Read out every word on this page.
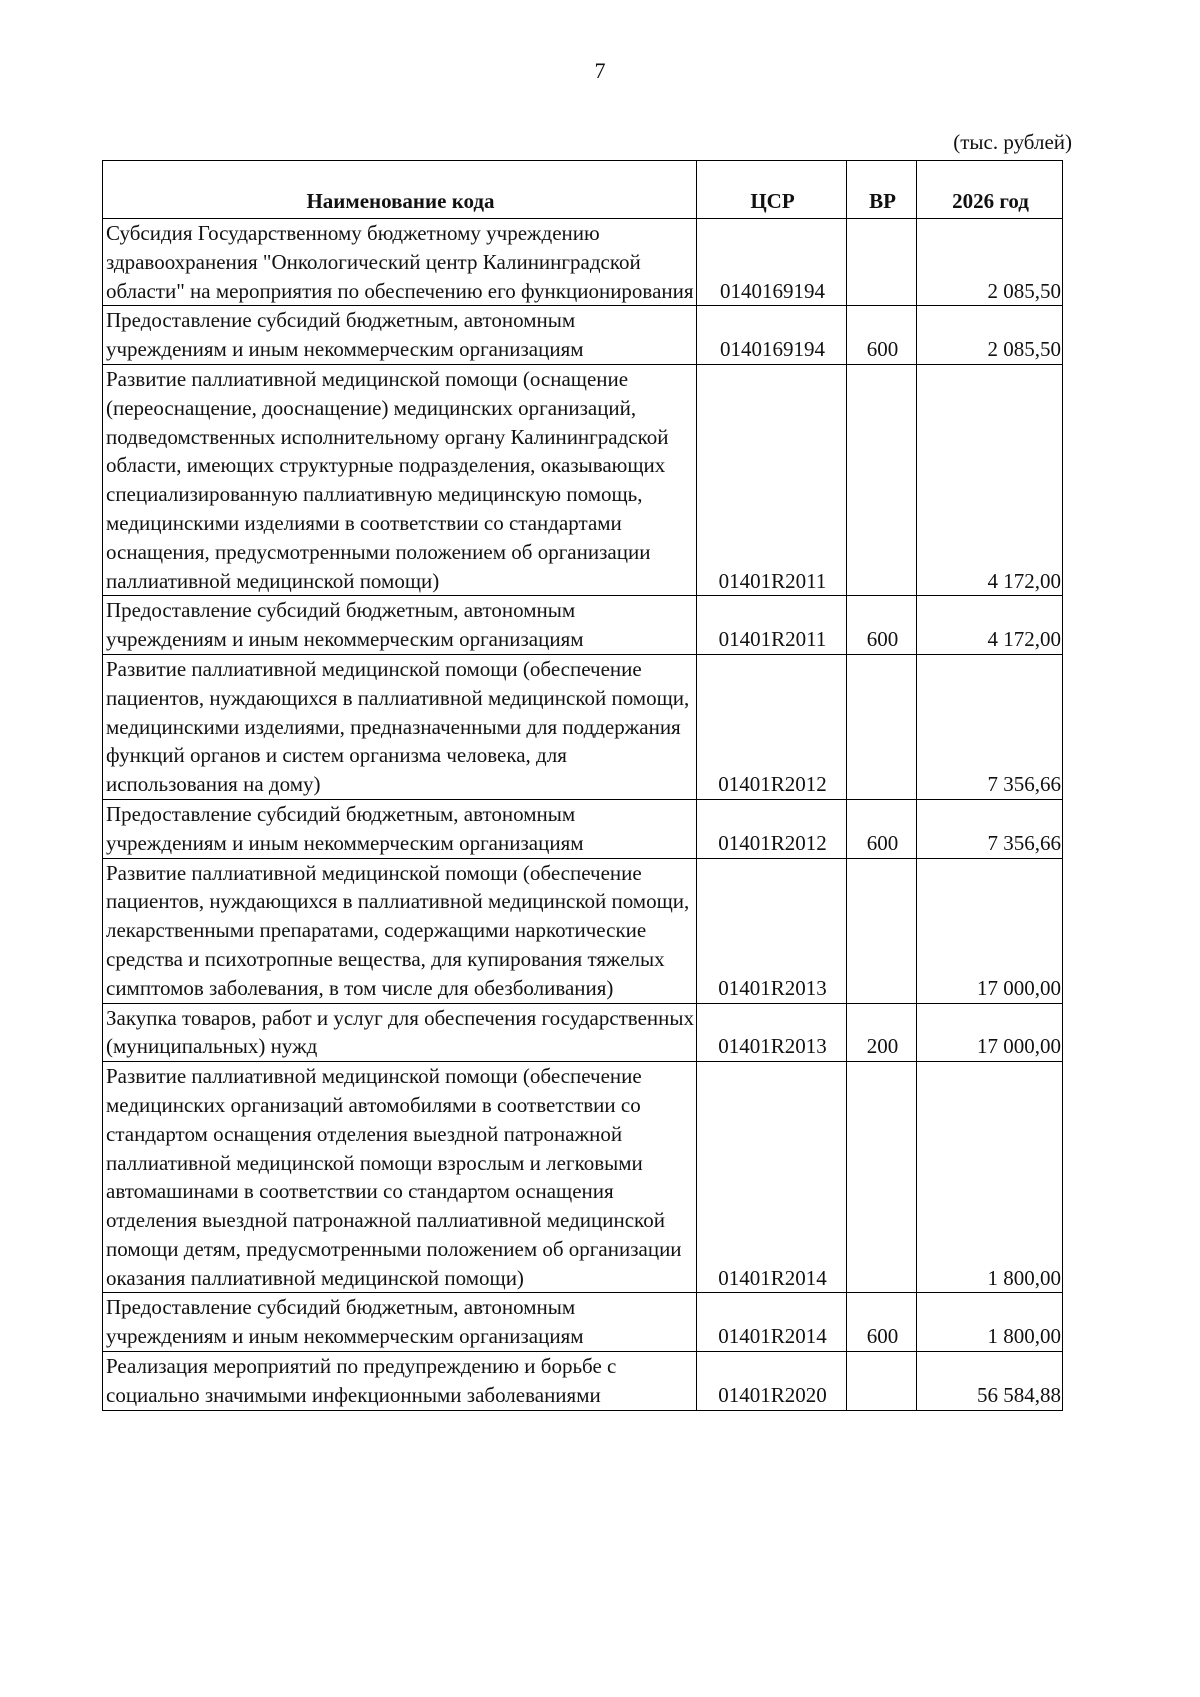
7
(тыс. рублей)
Наименование кода	ЦСР	ВР	2026 год
Субсидия Государственному бюджетному учреждению здравоохранения "Онкологический центр Калининградской области" на мероприятия по обеспечению его функционирования	0140169194		2 085,50
Предоставление субсидий бюджетным, автономным учреждениям и иным некоммерческим организациям	0140169194	600	2 085,50
Развитие паллиативной медицинской помощи (оснащение (переоснащение, дооснащение) медицинских организаций, подведомственных исполнительному органу Калининградской области, имеющих структурные подразделения, оказывающих специализированную паллиативную медицинскую помощь, медицинскими изделиями в соответствии со стандартами оснащения, предусмотренными положением об организации паллиативной медицинской помощи)	01401R2011		4 172,00
Предоставление субсидий бюджетным, автономным учреждениям и иным некоммерческим организациям	01401R2011	600	4 172,00
Развитие паллиативной медицинской помощи (обеспечение пациентов, нуждающихся в паллиативной медицинской помощи, медицинскими изделиями, предназначенными для поддержания функций органов и систем организма человека, для использования на дому)	01401R2012		7 356,66
Предоставление субсидий бюджетным, автономным учреждениям и иным некоммерческим организациям	01401R2012	600	7 356,66
Развитие паллиативной медицинской помощи (обеспечение пациентов, нуждающихся в паллиативной медицинской помощи, лекарственными препаратами, содержащими наркотические средства и психотропные вещества, для купирования тяжелых симптомов заболевания, в том числе для обезболивания)	01401R2013		17 000,00
Закупка товаров, работ и услуг для обеспечения государственных (муниципальных) нужд	01401R2013	200	17 000,00
Развитие паллиативной медицинской помощи (обеспечение медицинских организаций автомобилями в соответствии со стандартом оснащения отделения выездной патронажной паллиативной медицинской помощи взрослым и легковыми автомашинами в соответствии со стандартом оснащения отделения выездной патронажной паллиативной медицинской помощи детям, предусмотренными положением об организации оказания паллиативной медицинской помощи)	01401R2014		1 800,00
Предоставление субсидий бюджетным, автономным учреждениям и иным некоммерческим организациям	01401R2014	600	1 800,00
Реализация мероприятий по предупреждению и борьбе с социально значимыми инфекционными заболеваниями	01401R2020		56 584,88
